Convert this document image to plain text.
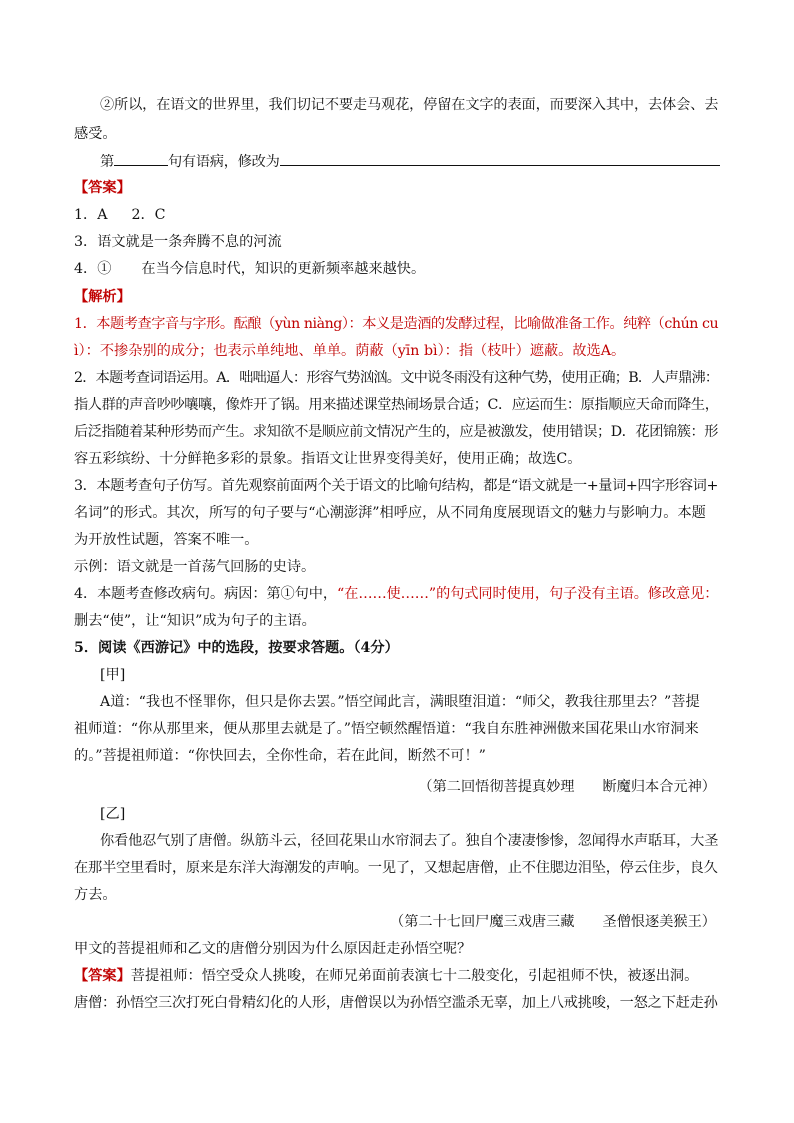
②所以，在语文的世界里，我们切记不要走马观花，停留在文字的表面，而要深入其中，去体会、去
感受。
第	句有语病，修改为
【答案】
1．A 2．C
3．语文就是一条奔腾不息的河流
4．① 在当今信息时代，知识的更新频率越来越快。
【解析】
1．本题考查字音与字形。酝酿（yùn niàng）：本义是造酒的发酵过程，比喻做准备工作。纯粹（chún cu
ì）：不掺杂别的成分；也表示单纯地、单单。荫蔽（yīn bì）：指（枝叶）遮蔽。故选A。
2．本题考查词语运用。A．咄咄逼人：形容气势汹汹。文中说冬雨没有这种气势，使用正确；B．人声鼎沸：
指人群的声音吵吵嚷嚷，像炸开了锅。用来描述课堂热闹场景合适；C．应运而生：原指顺应天命而降生，
后泛指随着某种形势而产生。求知欲不是顺应前文情况产生的，应是被激发，使用错误；D．花团锦簇：形
容五彩缤纷、十分鲜艳多彩的景象。指语文让世界变得美好，使用正确；故选C。
3．本题考查句子仿写。首先观察前面两个关于语文的比喻句结构，都是“语文就是一+量词+四字形容词+
名词”的形式。其次，所写的句子要与“心潮澎湃”相呼应，从不同角度展现语文的魅力与影响力。本题
为开放性试题，答案不唯一。
示例：语文就是一首荡气回肠的史诗。
4．本题考查修改病句。病因：第①句中，“在……使……”的句式同时使用，句子没有主语。修改意见：
删去“使”，让“知识”成为句子的主语。
5．阅读《西游记》中的选段，按要求答题。（4分）
[甲]
A道：“我也不怪罪你，但只是你去罢。”悟空闻此言，满眼堕泪道：“师父，教我往那里去？”菩提
祖师道：“你从那里来，便从那里去就是了。”悟空顿然醒悟道：“我自东胜神洲傲来国花果山水帘洞来
的。”菩提祖师道：“你快回去，全你性命，若在此间，断然不可！”
（第二回悟彻菩提真妙理 断魔归本合元神）
[乙]
你看他忍气别了唐僧。纵筋斗云，径回花果山水帘洞去了。独自个凄凄惨惨，忽闻得水声聒耳，大圣
在那半空里看时，原来是东洋大海潮发的声响。一见了，又想起唐僧，止不住腮边泪坠，停云住步，良久
方去。
（第二十七回尸魔三戏唐三藏 圣僧恨逐美猴王）
甲文的菩提祖师和乙文的唐僧分别因为什么原因赶走孙悟空呢？
【答案】菩提祖师：悟空受众人挑唆，在师兄弟面前表演七十二般变化，引起祖师不快，被逐出洞。
唐僧：孙悟空三次打死白骨精幻化的人形，唐僧误以为孙悟空滥杀无辜，加上八戒挑唆，一怒之下赶走孙
